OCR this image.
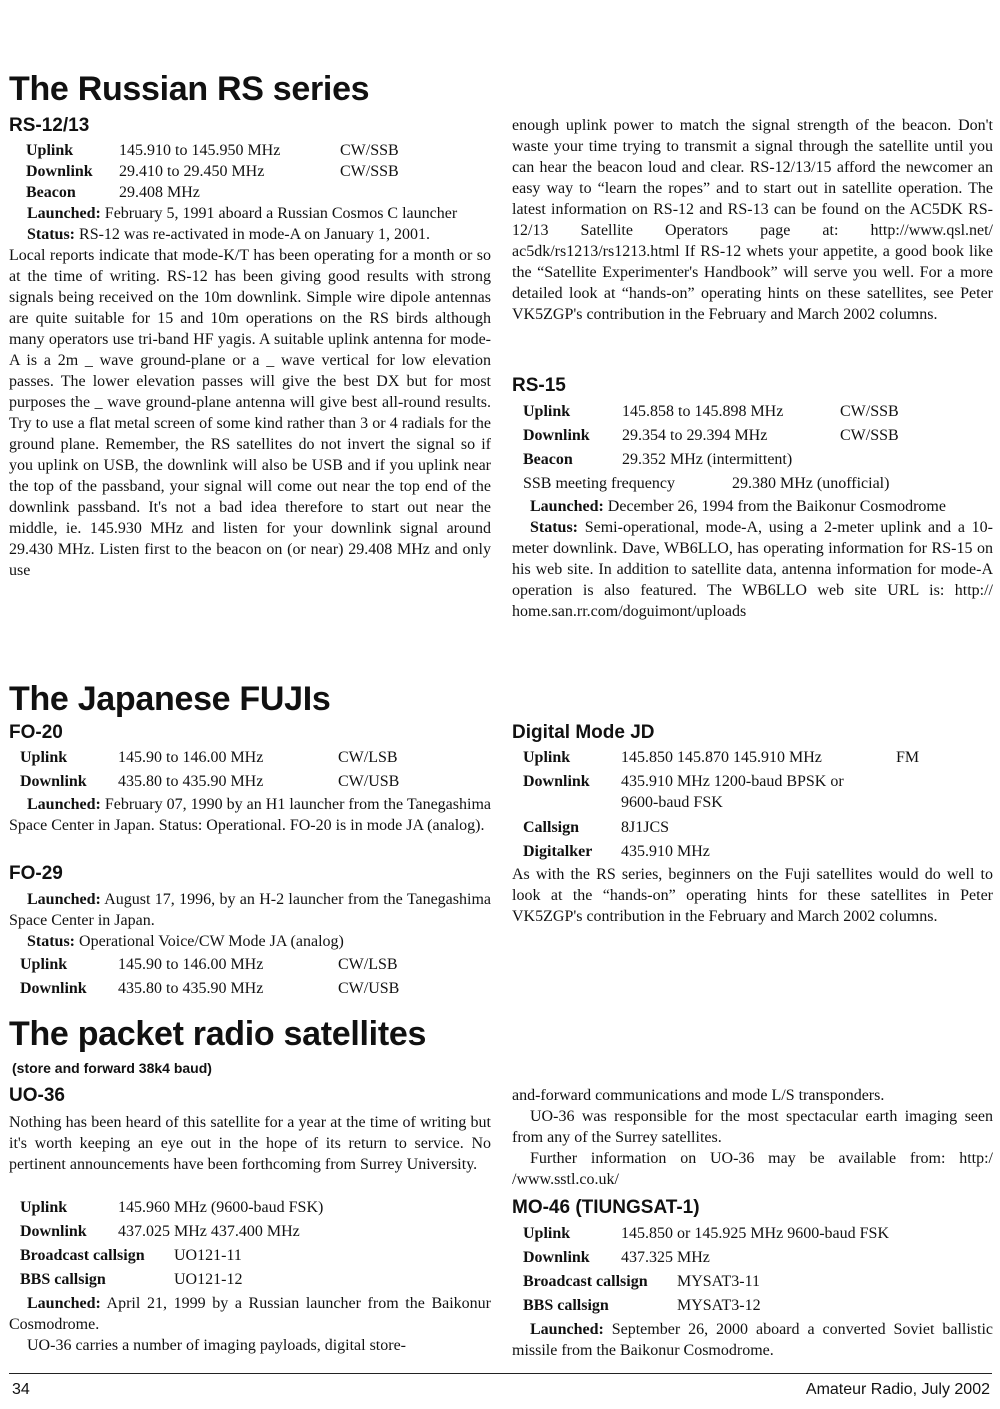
The Russian RS series
RS-12/13
Uplink	145.910 to 145.950 MHz	CW/SSB
Downlink 29.410 to 29.450 MHz	CW/SSB
Beacon	29.408 MHz

Launched: February 5, 1991 aboard a Russian Cosmos C launcher

Status: RS-12 was re-activated in mode-A on January 1, 2001.

Local reports indicate that mode-K/T has been operating for a month or so at the time of writing. RS-12 has been giving good results with strong signals being received on the 10m downlink. Simple wire dipole antennas are quite suitable for 15 and 10m operations on the RS birds although many operators use tri-band HF yagis. A suitable uplink antenna for mode-A is a 2m _ wave ground-plane or a _ wave vertical for low elevation passes. The lower elevation passes will give the best DX but for most purposes the _ wave ground-plane antenna will give best all-round results. Try to use a flat metal screen of some kind rather than 3 or 4 radials for the ground plane. Remember, the RS satellites do not invert the signal so if you uplink on USB, the downlink will also be USB and if you uplink near the top of the passband, your signal will come out near the top end of the downlink passband. It's not a bad idea therefore to start out near the middle, ie. 145.930 MHz and listen for your downlink signal around 29.430 MHz. Listen first to the beacon on (or near) 29.408 MHz and only use

enough uplink power to match the signal strength of the beacon. Don't waste your time trying to transmit a signal through the satellite until you can hear the beacon loud and clear. RS-12/13/15 afford the newcomer an easy way to “learn the ropes” and to start out in satellite operation. The latest information on RS-12 and RS-13 can be found on the AC5DK RS-12/13 Satellite Operators page at: http://www.qsl.net/ ac5dk/rs1213/rs1213.html If RS-12 whets your appetite, a good book like the “Satellite Experimenter's Handbook” will serve you well. For a more detailed look at “hands-on” operating hints on these satellites, see Peter VK5ZGP's contribution in the February and March 2002 columns.

RS-15
Uplink	145.858 to 145.898 MHz	CW/SSB
Downlink 29.354 to 29.394 MHz	CW/SSB
Beacon	29.352 MHz (intermittent)
SSB meeting frequency	29.380 MHz (unofficial)

Launched: December 26, 1994 from the Baikonur Cosmodrome

Status: Semi-operational, mode-A, using a 2-meter uplink and a 10-meter downlink. Dave, WB6LLO, has operating information for RS-15 on his web site. In addition to satellite data, antenna information for mode-A operation is also featured. The WB6LLO web site URL is: http:// home.san.rr.com/doguimont/uploads

The Japanese FUJIs
FO-20
Uplink	145.90 to 146.00 MHz	CW/LSB
Downlink 435.80 to 435.90 MHz	CW/USB

Launched: February 07, 1990 by an H1 launcher from the Tanegashima Space Center in Japan. Status: Operational. FO-20 is in mode JA (analog).

FO-29

Launched: August 17, 1996, by an H-2 launcher from the Tanegashima Space Center in Japan.

Status: Operational Voice/CW Mode JA (analog)

Uplink	145.90 to 146.00 MHz	CW/LSB
Downlink 435.80 to 435.90 MHz	CW/USB
Digital Mode JD
Uplink	145.850 145.870 145.910 MHz	FM
Downlink 435.910 MHz 1200-baud BPSK or
9600-baud FSK
Callsign	8J1JCS
Digitalker 435.910 MHz

As with the RS series, beginners on the Fuji satellites would do well to look at the “hands-on” operating hints for these satellites in Peter VK5ZGP's contribution in the February and March 2002 columns.

The packet radio satellites
(store and forward 38k4 baud)
UO-36

Nothing has been heard of this satellite for a year at the time of writing but it's worth keeping an eye out in the hope of its return to service. No pertinent announcements have been forthcoming from Surrey University.

Uplink	145.960 MHz (9600-baud FSK)
Downlink 437.025 MHz 437.400 MHz
Broadcast callsign UO121-11
BBS callsign	UO121-12

Launched: April 21, 1999 by a Russian launcher from the Baikonur Cosmodrome.

UO-36 carries a number of imaging payloads, digital store-

and-forward communications and mode L/S transponders.

UO-36 was responsible for the most spectacular earth imaging seen from any of the Surrey satellites.

Further information on UO-36 may be available from: http:/ /www.sstl.co.uk/

MO-46 (TIUNGSAT-1)
Uplink	145.850 or 145.925 MHz 9600-baud FSK
Downlink 437.325 MHz
Broadcast callsign MYSAT3-11
BBS callsign	MYSAT3-12

Launched: September 26, 2000 aboard a converted Soviet ballistic missile from the Baikonur Cosmodrome.

34	Amateur Radio, July 2002
